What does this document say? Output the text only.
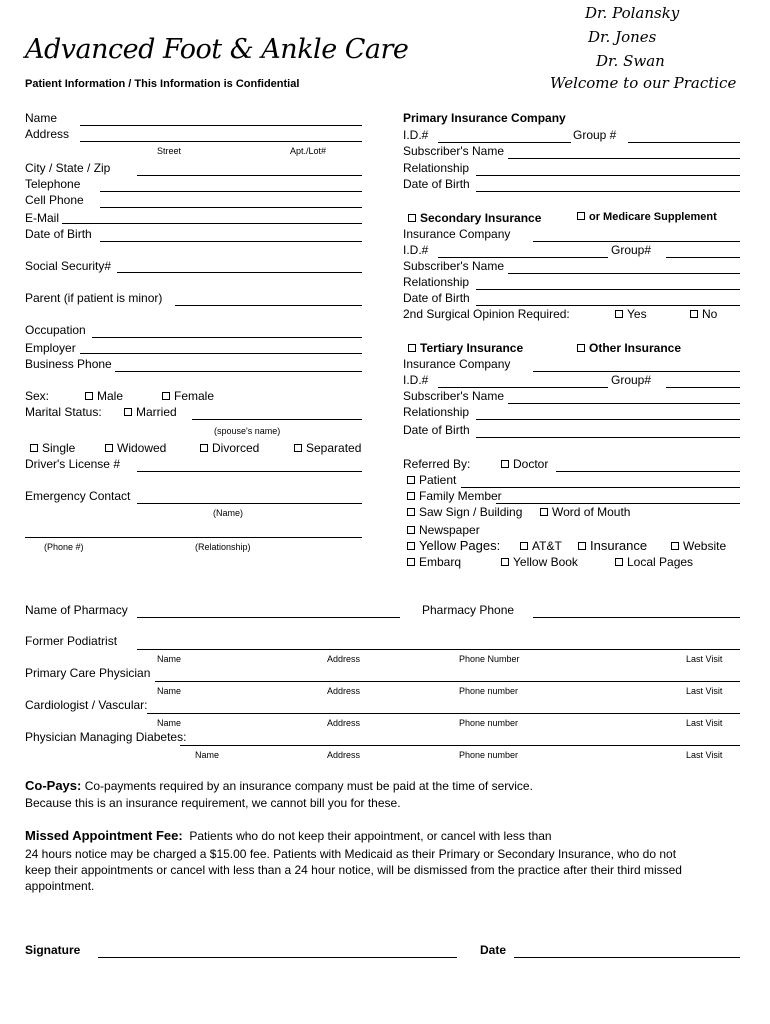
Advanced Foot & Ankle Care
Patient Information / This Information is Confidential
Dr. Polansky
Dr. Jones
Dr. Swan
Welcome to our Practice
Name
Address
Street	Apt./Lot#
City / State / Zip
Telephone
Cell Phone
E-Mail
Date of Birth
Social Security#
Parent (if patient is minor)
Occupation
Employer
Business Phone
Sex:	Male	Female
Marital Status:	Married
(spouse's name)
Single	Widowed	Divorced	Separated
Driver's License #
Emergency Contact
(Name)
(Phone #)	(Relationship)
Primary Insurance Company
I.D.#	Group #
Subscriber's Name
Relationship
Date of Birth
Secondary Insurance	or Medicare Supplement
Insurance Company
I.D.#	Group#
Subscriber's Name
Relationship
Date of Birth
2nd Surgical Opinion Required:	Yes	No
Tertiary Insurance	Other Insurance
Insurance Company
I.D.#	Group#
Subscriber's Name
Relationship
Date of Birth
Referred By:	Doctor
Patient
Family Member
Saw Sign / Building	Word of Mouth
Newspaper
Yellow Pages:	AT&T	Insurance	Website
Embarq	Yellow Book	Local Pages
Name of Pharmacy	Pharmacy Phone
Former Podiatrist
Name	Address	Phone Number	Last Visit
Primary Care Physician
Name	Address	Phone number	Last Visit
Cardiologist / Vascular:
Name	Address	Phone number	Last Visit
Physician Managing Diabetes:
Name	Address	Phone number	Last Visit
Co-Pays: Co-payments required by an insurance company must be paid at the time of service.
Because this is an insurance requirement, we cannot bill you for these.
Missed Appointment Fee: Patients who do not keep their appointment, or cancel with less than
24 hours notice may be charged a $15.00 fee. Patients with Medicaid as their Primary or Secondary Insurance, who do not keep their appointments or cancel with less than a 24 hour notice, will be dismissed from the practice after their third missed appointment.
Signature	Date
